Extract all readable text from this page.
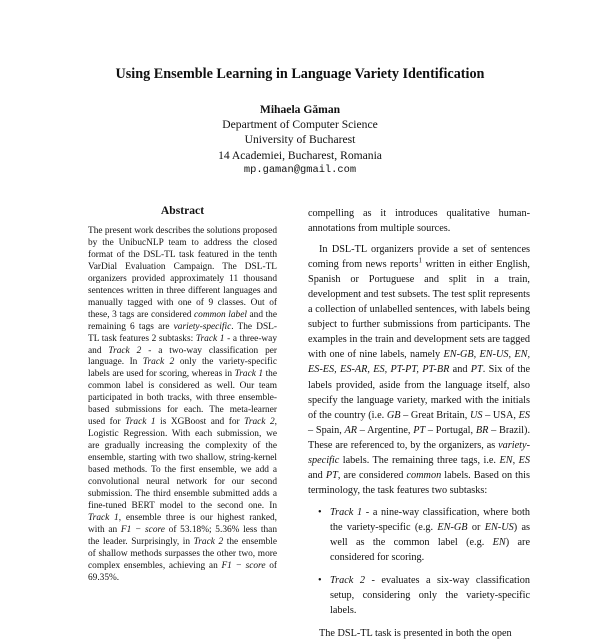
Using Ensemble Learning in Language Variety Identification
Mihaela Găman
Department of Computer Science
University of Bucharest
14 Academiei, Bucharest, Romania
mp.gaman@gmail.com
Abstract
The present work describes the solutions proposed by the UnibucNLP team to address the closed format of the DSL-TL task featured in the tenth VarDial Evaluation Campaign. The DSL-TL organizers provided approximately 11 thousand sentences written in three different languages and manually tagged with one of 9 classes. Out of these, 3 tags are considered common label and the remaining 6 tags are variety-specific. The DSL-TL task features 2 subtasks: Track 1 - a three-way and Track 2 - a two-way classification per language. In Track 2 only the variety-specific labels are used for scoring, whereas in Track 1 the common label is considered as well. Our team participated in both tracks, with three ensemble-based submissions for each. The meta-learner used for Track 1 is XGBoost and for Track 2, Logistic Regression. With each submission, we are gradually increasing the complexity of the ensemble, starting with two shallow, string-kernel based methods. To the first ensemble, we add a convolutional neural network for our second submission. The third ensemble submitted adds a fine-tuned BERT model to the second one. In Track 1, ensemble three is our highest ranked, with an F1 − score of 53.18%; 5.36% less than the leader. Surprisingly, in Track 2 the ensemble of shallow methods surpasses the other two, more complex ensembles, achieving an F1 − score of 69.35%.

compelling as it introduces qualitative human-annotations from multiple sources.

In DSL-TL organizers provide a set of sentences coming from news reports$^1$ written in either English, Spanish or Portuguese and split in a train, development and test subsets. The test split represents a collection of unlabelled sentences, with labels being subject to further submissions from participants. The examples in the train and development sets are tagged with one of nine labels, namely EN-GB, EN-US, EN, ES-ES, ES-AR, ES, PT-PT, PT-BR and PT. Six of the labels provided, aside from the language itself, also specify the language variety, marked with the initials of the country (i.e. GB – Great Britain, US – USA, ES – Spain, AR – Argentine, PT – Portugal, BR – Brazil). These are referenced to, by the organizers, as variety-specific labels. The remaining three tags, i.e. EN, ES and PT, are considered common labels. Based on this terminology, the task features two subtasks:

• Track 1 - a nine-way classification, where both the variety-specific (e.g. EN-GB or EN-US) as well as the common label (e.g. EN) are considered for scoring.
• Track 2 - evaluates a six-way classification setup, considering only the variety-specific labels.

The DSL-TL task is presented in both the open
